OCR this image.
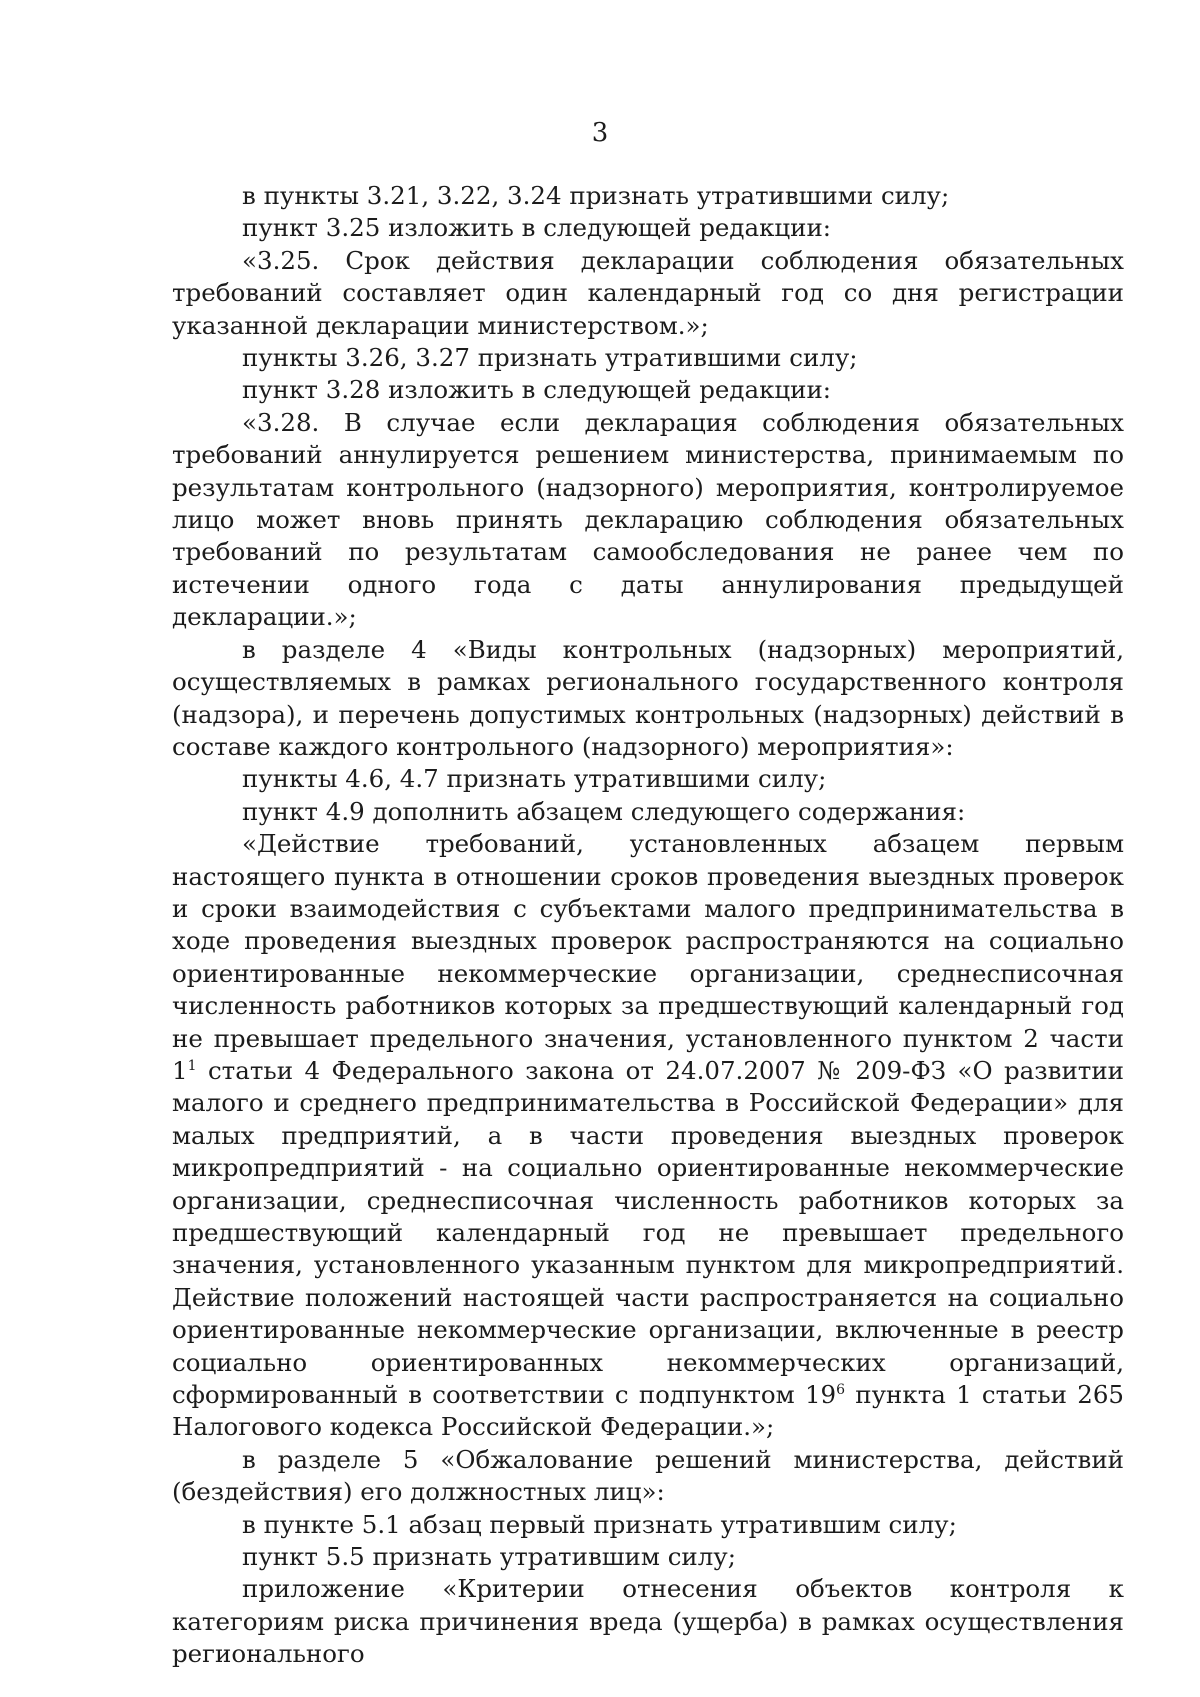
3

в пункты 3.21, 3.22, 3.24 признать утратившими силу;

пункт 3.25 изложить в следующей редакции:

«3.25. Срок действия декларации соблюдения обязательных требований составляет один календарный год со дня регистрации указанной декларации министерством.»;

пункты 3.26, 3.27 признать утратившими силу;

пункт 3.28 изложить в следующей редакции:

«3.28. В случае если декларация соблюдения обязательных требований аннулируется решением министерства, принимаемым по результатам контрольного (надзорного) мероприятия, контролируемое лицо может вновь принять декларацию соблюдения обязательных требований по результатам самообследования не ранее чем по истечении одного года с даты аннулирования предыдущей декларации.»;

в разделе 4 «Виды контрольных (надзорных) мероприятий, осуществляемых в рамках регионального государственного контроля (надзора), и перечень допустимых контрольных (надзорных) действий в составе каждого контрольного (надзорного) мероприятия»:

пункты 4.6, 4.7 признать утратившими силу;

пункт 4.9 дополнить абзацем следующего содержания:

«Действие требований, установленных абзацем первым настоящего пункта в отношении сроков проведения выездных проверок и сроки взаимодействия с субъектами малого предпринимательства в ходе проведения выездных проверок распространяются на социально ориентированные некоммерческие организации, среднесписочная численность работников которых за предшествующий календарный год не превышает предельного значения, установленного пунктом 2 части $1^1$ статьи 4 Федерального закона от 24.07.2007 № 209-ФЗ «О развитии малого и среднего предпринимательства в Российской Федерации» для малых предприятий, а в части проведения выездных проверок микропредприятий - на социально ориентированные некоммерческие организации, среднесписочная численность работников которых за предшествующий календарный год не превышает предельного значения, установленного указанным пунктом для микропредприятий. Действие положений настоящей части распространяется на социально ориентированные некоммерческие организации, включенные в реестр социально ориентированных некоммерческих организаций, сформированный в соответствии с подпунктом $19^6$ пункта 1 статьи 265 Налогового кодекса Российской Федерации.»;

в разделе 5 «Обжалование решений министерства, действий (бездействия) его должностных лиц»:

в пункте 5.1 абзац первый признать утратившим силу;

пункт 5.5 признать утратившим силу;

приложение «Критерии отнесения объектов контроля к категориям риска причинения вреда (ущерба) в рамках осуществления регионального
